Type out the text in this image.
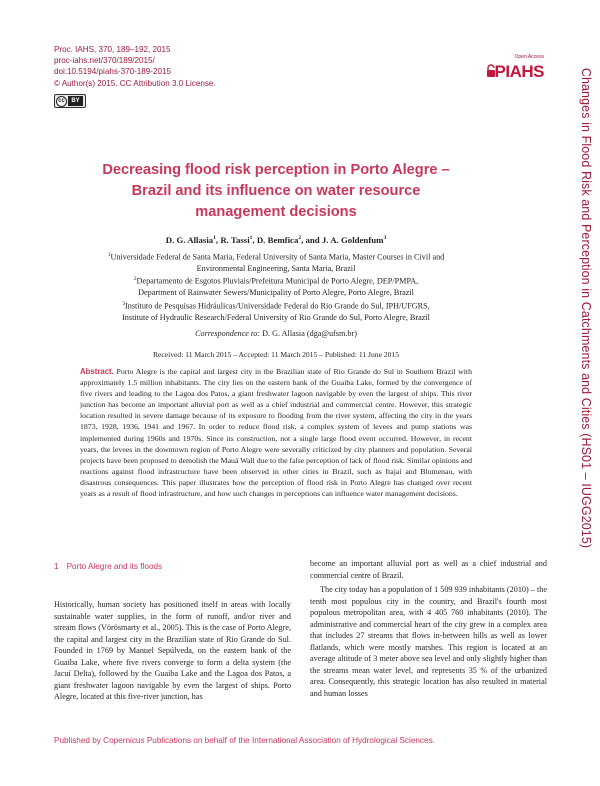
Proc. IAHS, 370, 189–192, 2015
proc-iahs.net/370/189/2015/
doi:10.5194/piahs-370-189-2015
© Author(s) 2015. CC Attribution 3.0 License.
cc	BY
Open Access
PIAHS	Changes in Flood Risk and Perception in Catchments and Cities (HS01 – IUGG2015)
Decreasing flood risk perception in Porto Alegre –
Brazil and its influence on water resource
management decisions
D. G. Allasia$^1$, R. Tassi$^1$, D. Bemfica$^2$, and J. A. Goldenfum$^3$
$^1$Universidade Federal de Santa Maria, Federal University of Santa Maria, Master Courses in Civil and
Environmental Engineering, Santa Maria, Brazil
$^2$Departamento de Esgotos Pluviais/Prefeitura Municipal de Porto Alegre, DEP/PMPA,
Department of Rainwater Sewers/Municipality of Porto Alegre, Porto Alegre, Brazil
$^3$Instituto de Pesquisas Hidráulicas/Universidade Federal do Rio Grande do Sul, IPH/UFGRS,
Institute of Hydraulic Research/Federal University of Rio Grande do Sul, Porto Alegre, Brazil
Correspondence to: D. G. Allasia (dga@ufsm.br)
Received: 11 March 2015 – Accepted: 11 March 2015 – Published: 11 June 2015
Abstract. Porto Alegre is the capital and largest city in the Brazilian state of Rio Grande do Sul in Southern Brazil with approximately 1.5 million inhabitants. The city lies on the eastern bank of the Guaiba Lake, formed by the convergence of five rivers and leading to the Lagoa dos Patos, a giant freshwater lagoon navigable by even the largest of ships. This river junction has become an important alluvial port as well as a chief industrial and commercial centre. However, this strategic location resulted in severe damage because of its exposure to flooding from the river system, affecting the city in the years 1873, 1928, 1936, 1941 and 1967. In order to reduce flood risk, a complex system of levees and pump stations was implemented during 1960s and 1970s. Since its construction, not a single large flood event occurred. However, in recent years, the levees in the downtown region of Porto Alegre were severally criticized by city planners and population. Several projects have been proposed to demolish the Mauá Wall due to the false perception of lack of flood risk. Similar opinions and reactions against flood infrastructure have been observed in other cities in Brazil, such as Itajaí and Blumenau, with disastrous consequences. This paper illustrates how the perception of flood risk in Porto Alegre has changed over recent years as a result of flood infrastructure, and how such changes in perceptions can influence water management decisions.
1 Porto Alegre and its floods
Historically, human society has positioned itself in areas with locally sustainable water supplies, in the form of runoff, and/or river and stream flows (Vörösmarty et al., 2005). This is the case of Porto Alegre, the capital and largest city in the Brazilian state of Rio Grande do Sul. Founded in 1769 by Manuel Sepúlveda, on the eastern bank of the Guaiba Lake, where five rivers converge to form a delta system (the Jacuí Delta), followed by the Guaiba Lake and the Lagoa dos Patos, a giant freshwater lagoon navigable by even the largest of ships. Porto Alegre, located at this five-river junction, has

become an important alluvial port as well as a chief industrial and commercial centre of Brazil.

The city today has a population of 1 509 939 inhabitants (2010) – the tenth most populous city in the country, and Brazil's fourth most populous metropolitan area, with 4 405 760 inhabitants (2010). The administrative and commercial heart of the city grew in a complex area that includes 27 streams that flows in-between hills as well as lower flatlands, which were mostly marshes. This region is located at an average altitude of 3 meter above sea level and only slightly higher than the streams mean water level, and represents 35 % of the urbanized area. Consequently, this strategic location has also resulted in material and human losses

Published by Copernicus Publications on behalf of the International Association of Hydrological Sciences.
